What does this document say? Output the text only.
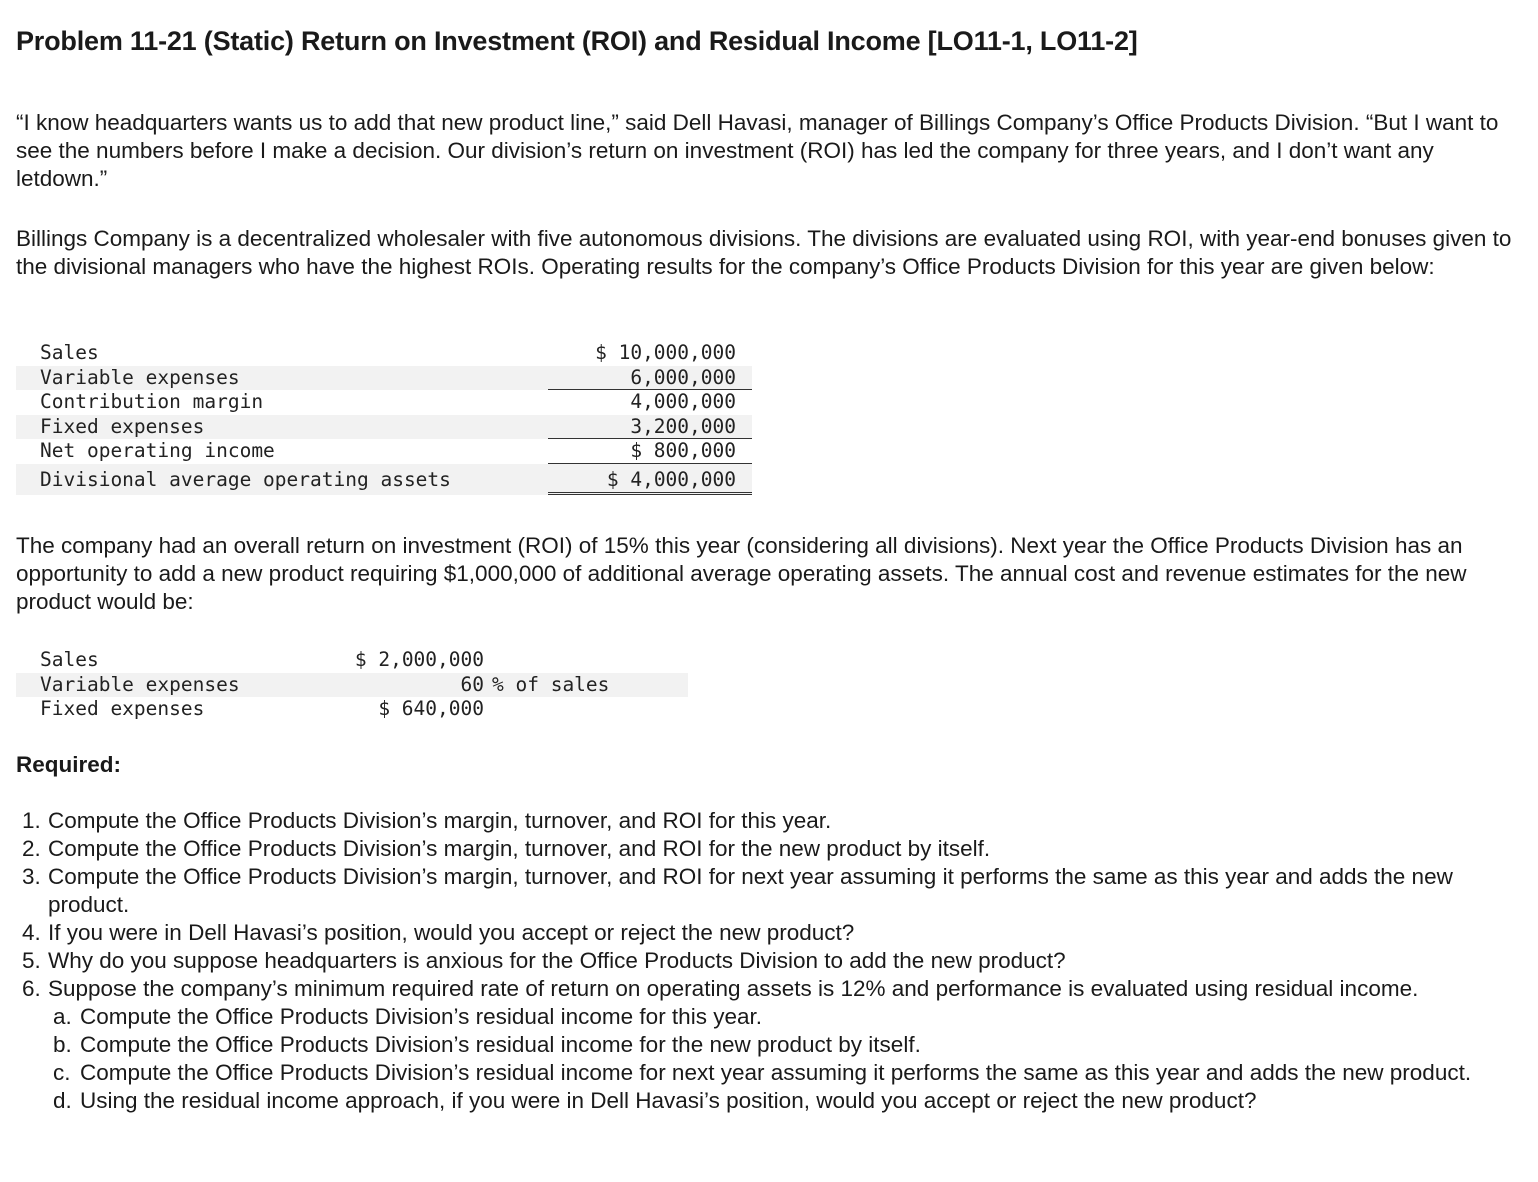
Problem 11-21 (Static) Return on Investment (ROI) and Residual Income [LO11-1, LO11-2]

“I know headquarters wants us to add that new product line,” said Dell Havasi, manager of Billings Company’s Office Products Division. “But I want to see the numbers before I make a decision. Our division’s return on investment (ROI) has led the company for three years, and I don’t want any letdown.”

Billings Company is a decentralized wholesaler with five autonomous divisions. The divisions are evaluated using ROI, with year-end bonuses given to the divisional managers who have the highest ROIs. Operating results for the company’s Office Products Division for this year are given below:

Sales

	$ 10,000,000

Variable expenses

	6,000,000

Contribution margin

	4,000,000

Fixed expenses

	3,200,000

Net operating income

	$ 800,000

Divisional average operating assets

	$ 4,000,000

The company had an overall return on investment (ROI) of 15% this year (considering all divisions). Next year the Office Products Division has an opportunity to add a new product requiring $1,000,000 of additional average operating assets. The annual cost and revenue estimates for the new product would be:

Sales

	$ 2,000,000

Variable expenses

	60

% of sales

Fixed expenses

	$ 640,000

Required:

1. Compute the Office Products Division’s margin, turnover, and ROI for this year.
2. Compute the Office Products Division’s margin, turnover, and ROI for the new product by itself.
3. Compute the Office Products Division’s margin, turnover, and ROI for next year assuming it performs the same as this year and adds the new product.
4. If you were in Dell Havasi’s position, would you accept or reject the new product?
5. Why do you suppose headquarters is anxious for the Office Products Division to add the new product?
6. Suppose the company’s minimum required rate of return on operating assets is 12% and performance is evaluated using residual income.
a. Compute the Office Products Division’s residual income for this year.
b. Compute the Office Products Division’s residual income for the new product by itself.
c. Compute the Office Products Division’s residual income for next year assuming it performs the same as this year and adds the new product.
d. Using the residual income approach, if you were in Dell Havasi’s position, would you accept or reject the new product?
